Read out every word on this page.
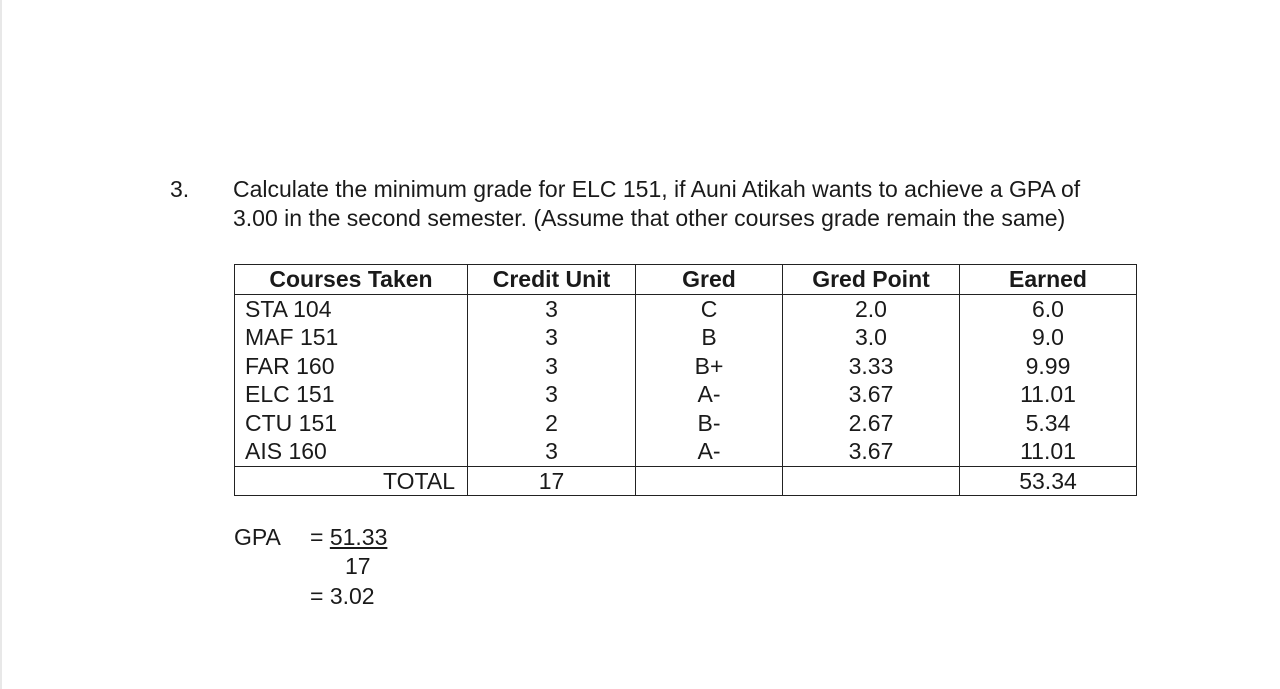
3. Calculate the minimum grade for ELC 151, if Auni Atikah wants to achieve a GPA of
3.00 in the second semester. (Assume that other courses grade remain the same)
Courses Taken	Credit Unit	Gred	Gred Point	Earned
STA 104	3	C	2.0	6.0
MAF 151	3	B	3.0	9.0
FAR 160	3	B+	3.33	9.99
ELC 151	3	A-	3.67	11.01
CTU 151	2	B-	2.67	5.34
AIS 160	3	A-	3.67	11.01
TOTAL	17			53.34
GPA = 51.33
17
= 3.02
